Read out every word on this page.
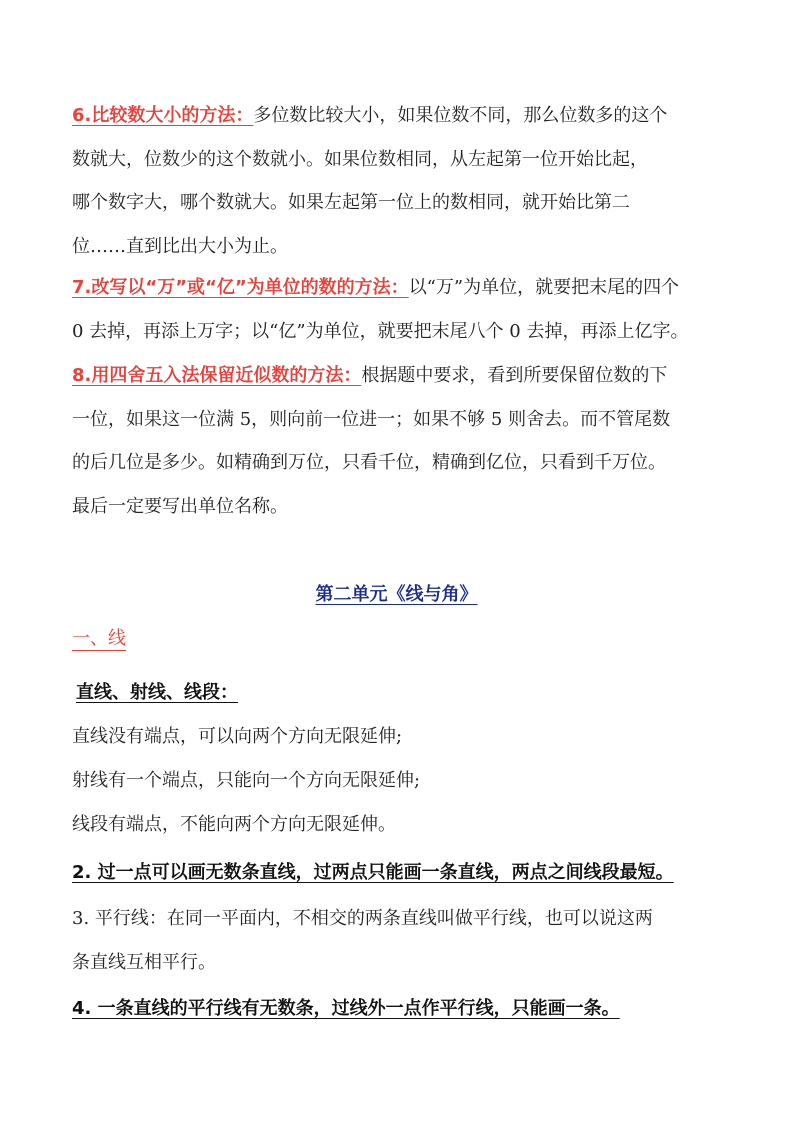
6.比较数大小的方法：多位数比较大小，如果位数不同，那么位数多的这个
数就大，位数少的这个数就小。如果位数相同，从左起第一位开始比起，
哪个数字大，哪个数就大。如果左起第一位上的数相同，就开始比第二
位……直到比出大小为止。
7.改写以“万”或“亿”为单位的数的方法：以“万”为单位，就要把末尾的四个
0 去掉，再添上万字；以“亿”为单位，就要把末尾八个 0 去掉，再添上亿字。
8.用四舍五入法保留近似数的方法：根据题中要求，看到所要保留位数的下
一位，如果这一位满 5，则向前一位进一；如果不够 5 则舍去。而不管尾数
的后几位是多少。如精确到万位，只看千位，精确到亿位，只看到千万位。
最后一定要写出单位名称。
第二单元《线与角》
一、线
直线、射线、线段：
直线没有端点，可以向两个方向无限延伸;
射线有一个端点，只能向一个方向无限延伸;
线段有端点，不能向两个方向无限延伸。
2. 过一点可以画无数条直线，过两点只能画一条直线，两点之间线段最短。
3. 平行线：在同一平面内，不相交的两条直线叫做平行线，也可以说这两
条直线互相平行。
4. 一条直线的平行线有无数条，过线外一点作平行线，只能画一条。
